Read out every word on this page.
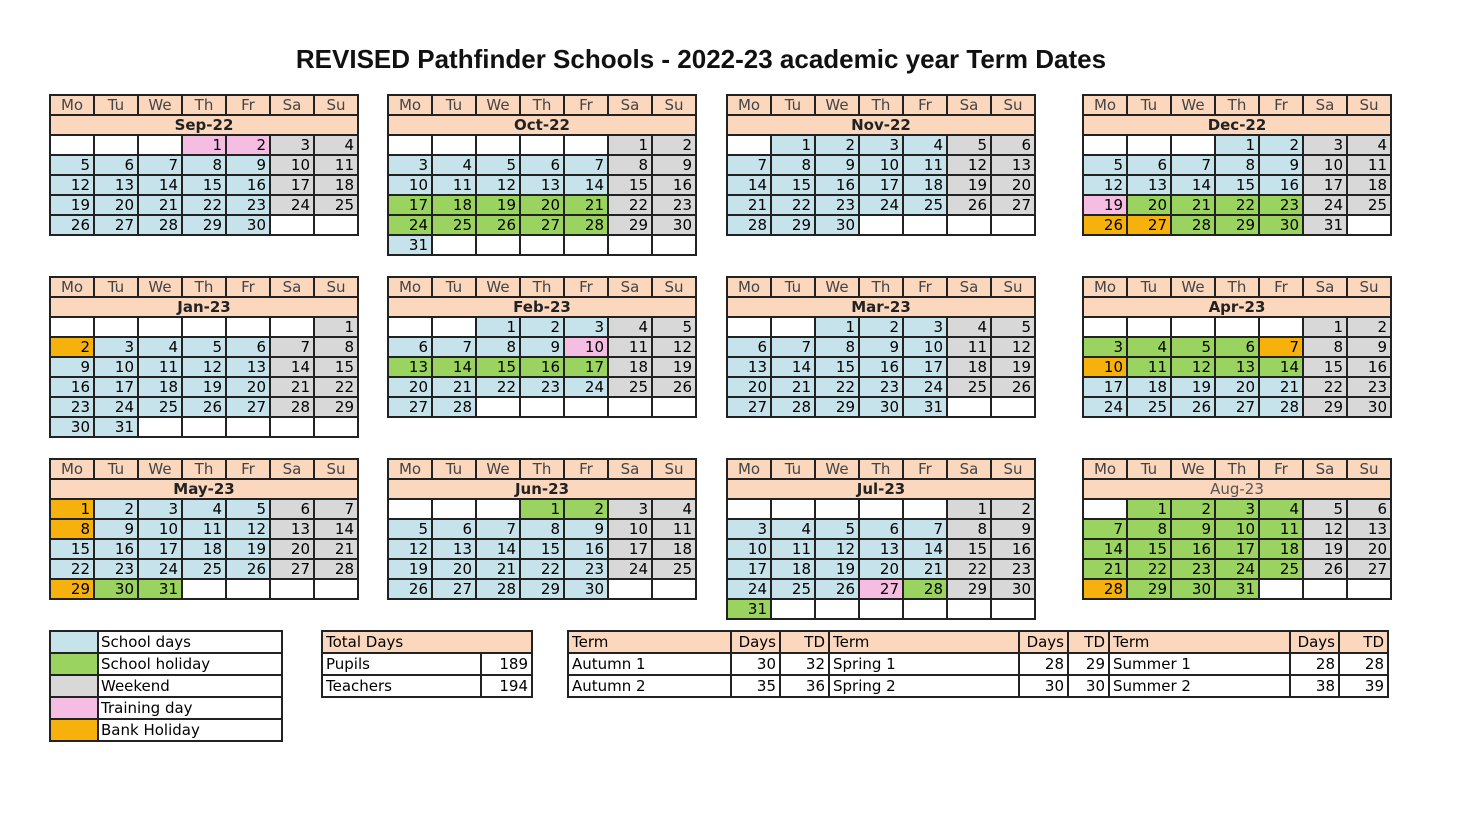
REVISED Pathfinder Schools - 2022-23 academic year Term Dates
Mo	Tu	We	Th	Fr	Sa	Su
Sep-22						
			1	2	3	4
5	6	7	8	9	10	11
12	13	14	15	16	17	18
19	20	21	22	23	24	25
26	27	28	29	30		
Mo	Tu	We	Th	Fr	Sa	Su
Oct-22						
					1	2
3	4	5	6	7	8	9
10	11	12	13	14	15	16
17	18	19	20	21	22	23
24	25	26	27	28	29	30
31						
Mo	Tu	We	Th	Fr	Sa	Su
Nov-22						
	1	2	3	4	5	6
7	8	9	10	11	12	13
14	15	16	17	18	19	20
21	22	23	24	25	26	27
28	29	30				
Mo	Tu	We	Th	Fr	Sa	Su
Dec-22						
			1	2	3	4
5	6	7	8	9	10	11
12	13	14	15	16	17	18
19	20	21	22	23	24	25
26	27	28	29	30	31	
Mo	Tu	We	Th	Fr	Sa	Su
Jan-23						
						1
2	3	4	5	6	7	8
9	10	11	12	13	14	15
16	17	18	19	20	21	22
23	24	25	26	27	28	29
30	31					
Mo	Tu	We	Th	Fr	Sa	Su
Feb-23						
		1	2	3	4	5
6	7	8	9	10	11	12
13	14	15	16	17	18	19
20	21	22	23	24	25	26
27	28					
Mo	Tu	We	Th	Fr	Sa	Su
Mar-23						
		1	2	3	4	5
6	7	8	9	10	11	12
13	14	15	16	17	18	19
20	21	22	23	24	25	26
27	28	29	30	31		
Mo	Tu	We	Th	Fr	Sa	Su
Apr-23						
					1	2
3	4	5	6	7	8	9
10	11	12	13	14	15	16
17	18	19	20	21	22	23
24	25	26	27	28	29	30
Mo	Tu	We	Th	Fr	Sa	Su
May-23						
1	2	3	4	5	6	7
8	9	10	11	12	13	14
15	16	17	18	19	20	21
22	23	24	25	26	27	28
29	30	31				
Mo	Tu	We	Th	Fr	Sa	Su
Jun-23						
			1	2	3	4
5	6	7	8	9	10	11
12	13	14	15	16	17	18
19	20	21	22	23	24	25
26	27	28	29	30		
Mo	Tu	We	Th	Fr	Sa	Su
Jul-23						
					1	2
3	4	5	6	7	8	9
10	11	12	13	14	15	16
17	18	19	20	21	22	23
24	25	26	27	28	29	30
31						
Mo	Tu	We	Th	Fr	Sa	Su
Aug-23						
	1	2	3	4	5	6
7	8	9	10	11	12	13
14	15	16	17	18	19	20
21	22	23	24	25	26	27
28	29	30	31			
	School days
	School holiday
	Weekend
	Training day
	Bank Holiday
Total Days	
Pupils	189
Teachers	194
Term	Days	TD	Term	Days	TD	Term	Days	TD
Autumn 1	30	32	Spring 1	28	29	Summer 1	28	28
Autumn 2	35	36	Spring 2	30	30	Summer 2	38	39
